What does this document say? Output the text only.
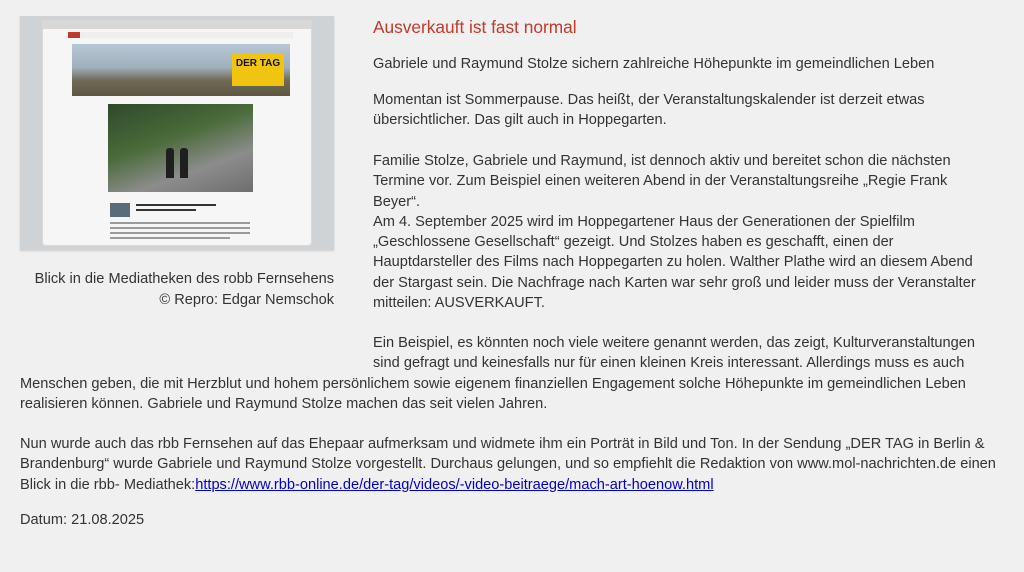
DER TAG
Blick in die Mediatheken des robb Fernsehens
© Repro: Edgar Nemschok
Ausverkauft ist fast normal

Gabriele und Raymund Stolze sichern zahlreiche Höhepunkte im gemeindlichen Leben

Momentan ist Sommerpause. Das heißt, der Veranstaltungskalender ist derzeit etwas
übersichtlicher. Das gilt auch in Hoppegarten.

Familie Stolze, Gabriele und Raymund, ist dennoch aktiv und bereitet schon die nächsten
Termine vor. Zum Beispiel einen weiteren Abend in der Veranstaltungsreihe „Regie Frank
Beyer“.
Am 4. September 2025 wird im Hoppegartener Haus der Generationen der Spielfilm
„Geschlossene Gesellschaft“ gezeigt. Und Stolzes haben es geschafft, einen der
Hauptdarsteller des Films nach Hoppegarten zu holen. Walther Plathe wird an diesem Abend
der Stargast sein. Die Nachfrage nach Karten war sehr groß und leider muss der Veranstalter
mitteilen: AUSVERKAUFT.

Ein Beispiel, es könnten noch viele weitere genannt werden, das zeigt, Kulturveranstaltungen
sind gefragt und keinesfalls nur für einen kleinen Kreis interessant. Allerdings muss es auch
Menschen geben, die mit Herzblut und hohem persönlichem sowie eigenem finanziellen Engagement solche Höhepunkte im gemeindlichen Leben
realisieren können. Gabriele und Raymund Stolze machen das seit vielen Jahren.

Nun wurde auch das rbb Fernsehen auf das Ehepaar aufmerksam und widmete ihm ein Porträt in Bild und Ton. In der Sendung „DER TAG in Berlin &
Brandenburg“ wurde Gabriele und Raymund Stolze vorgestellt. Durchaus gelungen, und so empfiehlt die Redaktion von www.mol-nachrichten.de einen
Blick in die rbb- Mediathek:https://www.rbb-online.de/der-tag/videos/-video-beitraege/mach-art-hoenow.html

Datum: 21.08.2025
